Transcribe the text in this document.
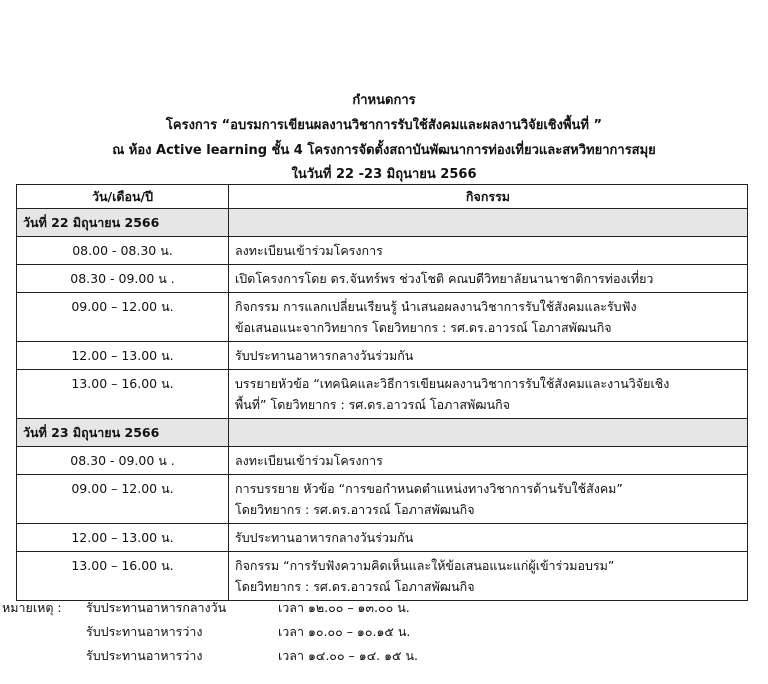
กำหนดการ
โครงการ “อบรมการเขียนผลงานวิชาการรับใช้สังคมและผลงานวิจัยเชิงพื้นที่ ”
ณ ห้อง Active learning ชั้น 4 โครงการจัดตั้งสถาบันพัฒนาการท่องเที่ยวและสหวิทยาการสมุย
ในวันที่ 22 -23 มิถุนายน 2566
วัน/เดือน/ปี	กิจกรรม
วันที่ 22 มิถุนายน 2566	
08.00 - 08.30 น.	ลงทะเบียนเข้าร่วมโครงการ

08.30 - 09.00 น .	เปิดโครงการโดย ดร.จันทร์พร ช่วงโชติ คณบดีวิทยาลัยนานาชาติการท่องเที่ยว

09.00 – 12.00 น.	กิจกรรม การแลกเปลี่ยนเรียนรู้ นำเสนอผลงานวิชาการรับใช้สังคมและรับฟัง
ข้อเสนอแนะจากวิทยากร โดยวิทยากร : รศ.ดร.อาวรณ์ โอภาสพัฒนกิจ

12.00 – 13.00 น.	รับประทานอาหารกลางวันร่วมกัน

13.00 – 16.00 น.	บรรยายหัวข้อ “เทคนิคและวิธีการเขียนผลงานวิชาการรับใช้สังคมและงานวิจัยเชิง
พื้นที่” โดยวิทยากร : รศ.ดร.อาวรณ์ โอภาสพัฒนกิจ

วันที่ 23 มิถุนายน 2566	
08.30 - 09.00 น .	ลงทะเบียนเข้าร่วมโครงการ

09.00 – 12.00 น.	การบรรยาย หัวข้อ “การขอกำหนดตำแหน่งทางวิชาการด้านรับใช้สังคม”
โดยวิทยากร : รศ.ดร.อาวรณ์ โอภาสพัฒนกิจ

12.00 – 13.00 น.	รับประทานอาหารกลางวันร่วมกัน

13.00 – 16.00 น.	กิจกรรม “การรับฟังความคิดเห็นและให้ข้อเสนอแนะแก่ผู้เข้าร่วมอบรม”
โดยวิทยากร : รศ.ดร.อาวรณ์ โอภาสพัฒนกิจ
หมายเหตุ : รับประทานอาหารกลางวัน	เวลา ๑๒.๐๐ – ๑๓.๐๐ น.
รับประทานอาหารว่าง	เวลา ๑๐.๐๐ – ๑๐.๑๕ น.
รับประทานอาหารว่าง	เวลา ๑๔.๐๐ – ๑๔. ๑๕ น.
